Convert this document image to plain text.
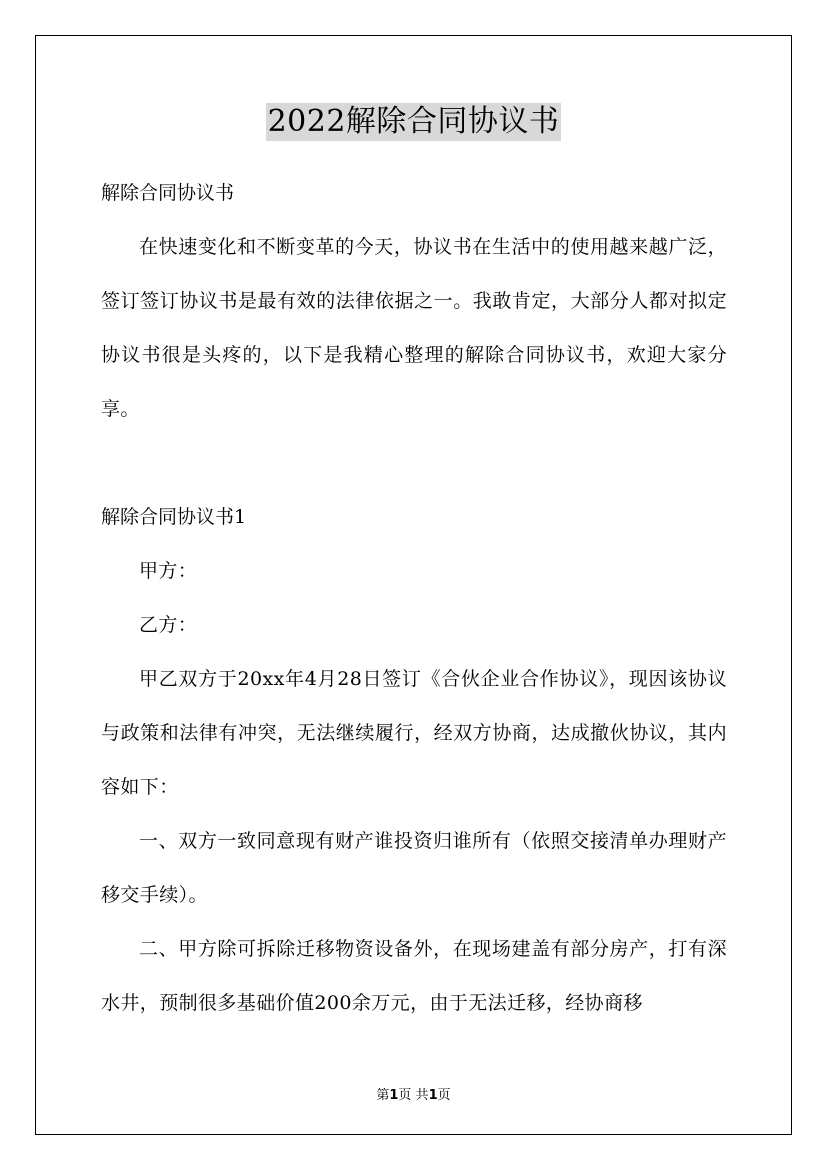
2022解除合同协议书
解除合同协议书

在快速变化和不断变革的今天，协议书在生活中的使用越来越广泛，签订签订协议书是最有效的法律依据之一。我敢肯定，大部分人都对拟定协议书很是头疼的，以下是我精心整理的解除合同协议书，欢迎大家分享。

解除合同协议书1

甲方：

乙方：

甲乙双方于20xx年4月28日签订《合伙企业合作协议》，现因该协议与政策和法律有冲突，无法继续履行，经双方协商，达成撤伙协议，其内容如下：

一、双方一致同意现有财产谁投资归谁所有（依照交接清单办理财产移交手续）。

二、甲方除可拆除迁移物资设备外，在现场建盖有部分房产，打有深水井，预制很多基础价值200余万元，由于无法迁移，经协商移

第1页 共1页
